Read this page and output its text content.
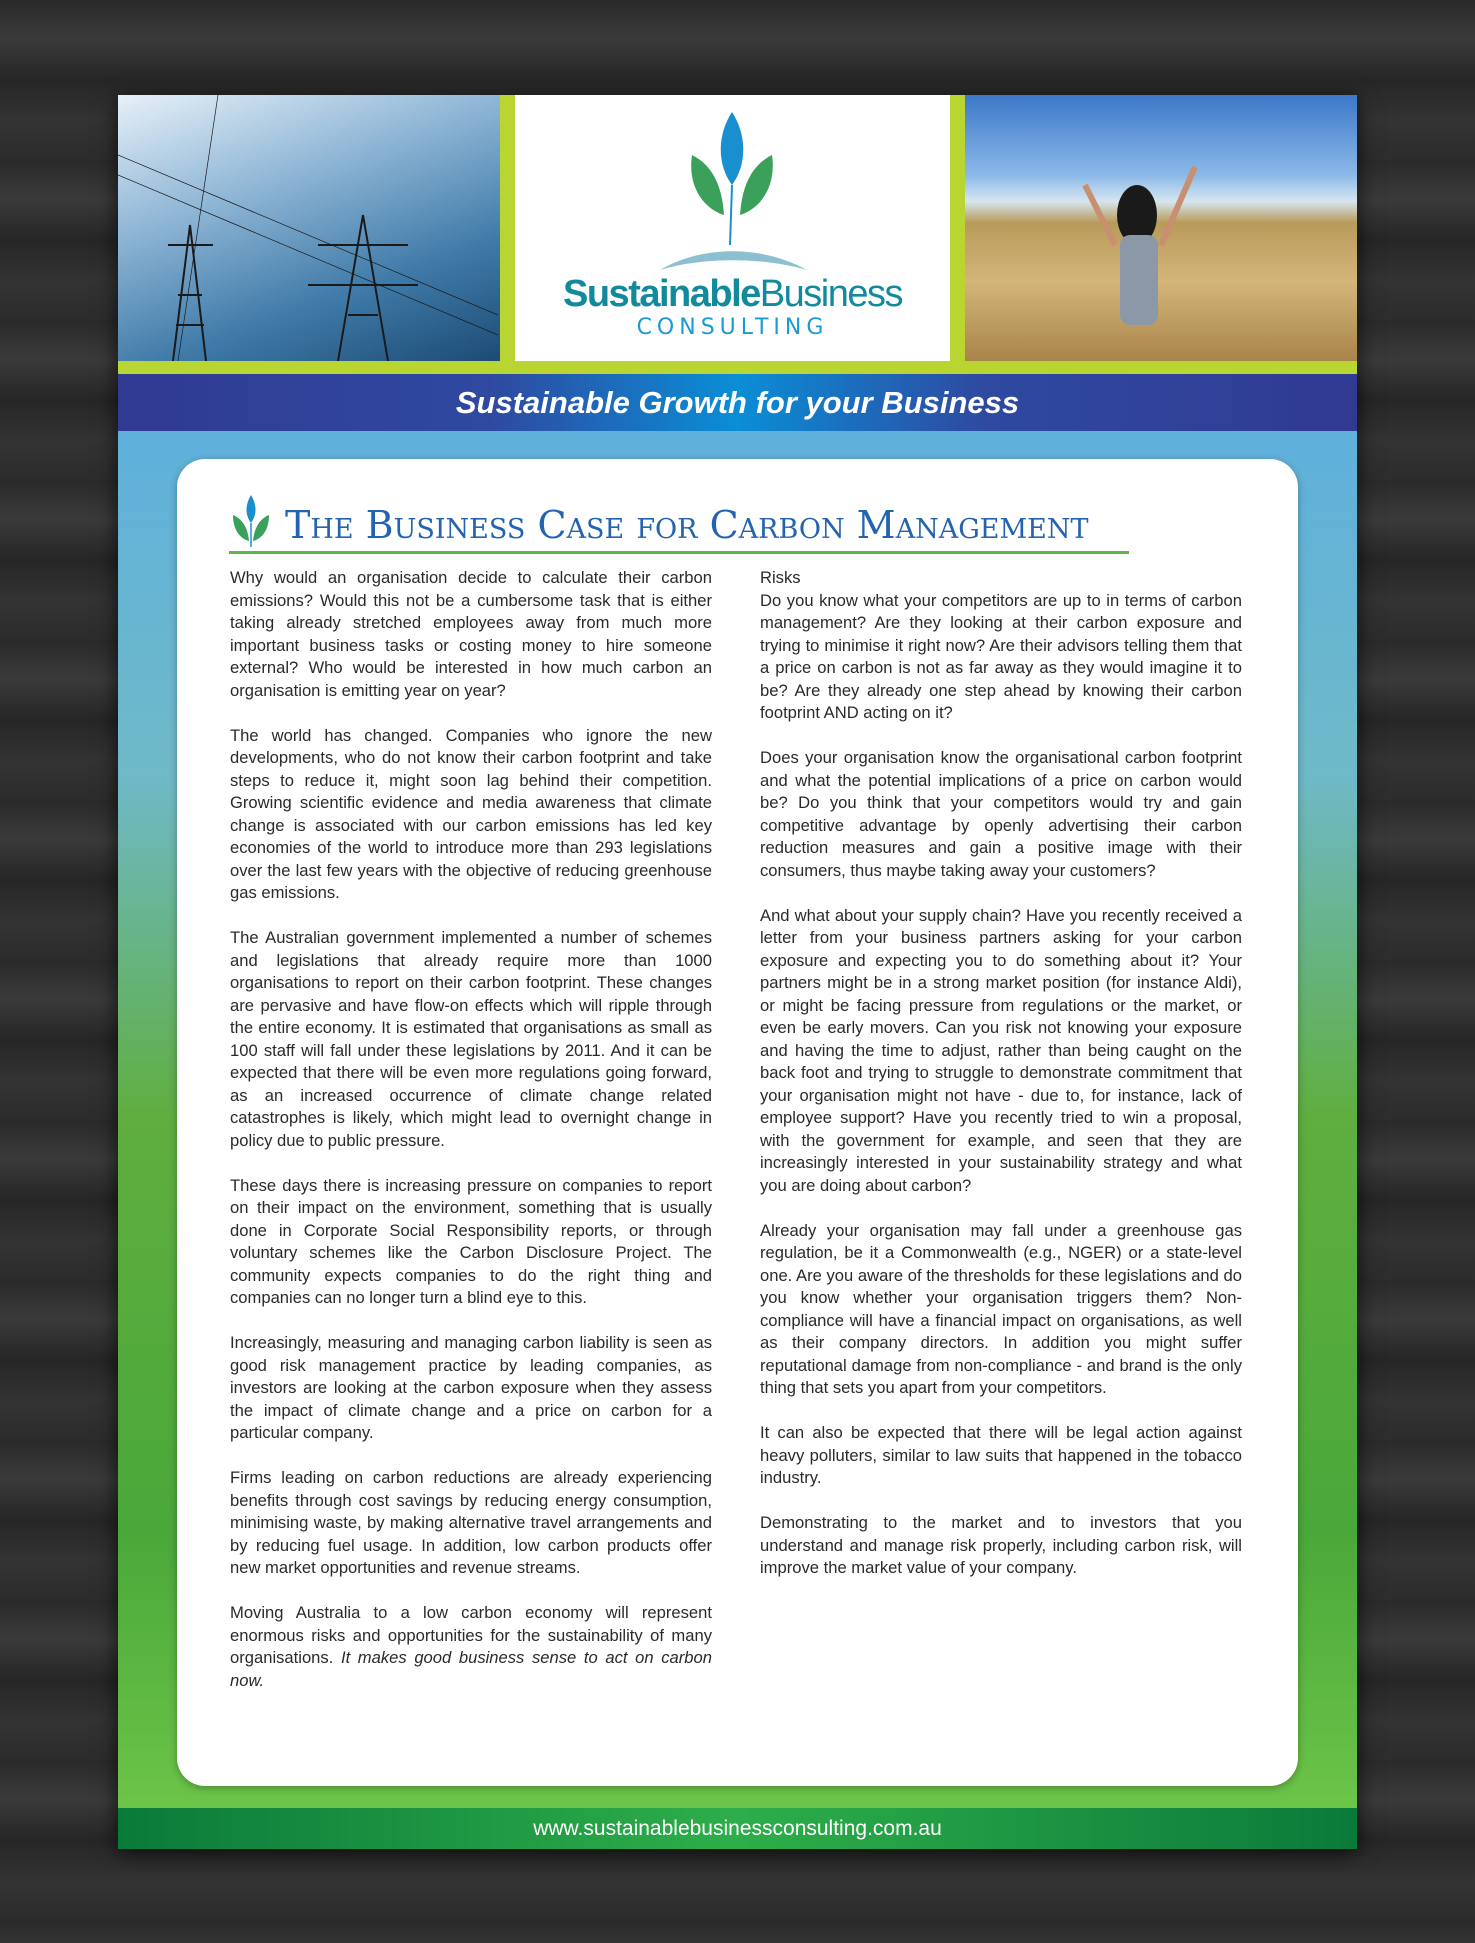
SustainableBusiness
CONSULTING
Sustainable Growth for your Business
The Business Case for Carbon Management

Why would an organisation decide to calculate their carbon emissions? Would this not be a cumbersome task that is either taking already stretched employees away from much more important business tasks or costing money to hire someone external? Who would be interested in how much carbon an organisation is emitting year on year?

The world has changed. Companies who ignore the new developments, who do not know their carbon footprint and take steps to reduce it, might soon lag behind their competition. Growing scientific evidence and media awareness that climate change is associated with our carbon emissions has led key economies of the world to introduce more than 293 legislations over the last few years with the objective of reducing greenhouse gas emissions.

The Australian government implemented a number of schemes and legislations that already require more than 1000 organisations to report on their carbon footprint. These changes are pervasive and have flow-on effects which will ripple through the entire economy. It is estimated that organisations as small as 100 staff will fall under these legislations by 2011. And it can be expected that there will be even more regulations going forward, as an increased occurrence of climate change related catastrophes is likely, which might lead to overnight change in policy due to public pressure.

These days there is increasing pressure on companies to report on their impact on the environment, something that is usually done in Corporate Social Responsibility reports, or through voluntary schemes like the Carbon Disclosure Project. The community expects companies to do the right thing and companies can no longer turn a blind eye to this.

Increasingly, measuring and managing carbon liability is seen as good risk management practice by leading companies, as investors are looking at the carbon exposure when they assess the impact of climate change and a price on carbon for a particular company.

Firms leading on carbon reductions are already experiencing benefits through cost savings by reducing energy consumption, minimising waste, by making alternative travel arrangements and by reducing fuel usage. In addition, low carbon products offer new market opportunities and revenue streams.

Moving Australia to a low carbon economy will represent enormous risks and opportunities for the sustainability of many organisations. It makes good business sense to act on carbon now.

Risks

Do you know what your competitors are up to in terms of carbon management? Are they looking at their carbon exposure and trying to minimise it right now? Are their advisors telling them that a price on carbon is not as far away as they would imagine it to be? Are they already one step ahead by knowing their carbon footprint AND acting on it?

Does your organisation know the organisational carbon footprint and what the potential implications of a price on carbon would be? Do you think that your competitors would try and gain competitive advantage by openly advertising their carbon reduction measures and gain a positive image with their consumers, thus maybe taking away your customers?

And what about your supply chain? Have you recently received a letter from your business partners asking for your carbon exposure and expecting you to do something about it? Your partners might be in a strong market position (for instance Aldi), or might be facing pressure from regulations or the market, or even be early movers. Can you risk not knowing your exposure and having the time to adjust, rather than being caught on the back foot and trying to struggle to demonstrate commitment that your organisation might not have - due to, for instance, lack of employee support? Have you recently tried to win a proposal, with the government for example, and seen that they are increasingly interested in your sustainability strategy and what you are doing about carbon?

Already your organisation may fall under a greenhouse gas regulation, be it a Commonwealth (e.g., NGER) or a state-level one. Are you aware of the thresholds for these legislations and do you know whether your organisation triggers them? Non-compliance will have a financial impact on organisations, as well as their company directors. In addition you might suffer reputational damage from non-compliance - and brand is the only thing that sets you apart from your competitors.

It can also be expected that there will be legal action against heavy polluters, similar to law suits that happened in the tobacco industry.

Demonstrating to the market and to investors that you understand and manage risk properly, including carbon risk, will improve the market value of your company.

www.sustainablebusinessconsulting.com.au
